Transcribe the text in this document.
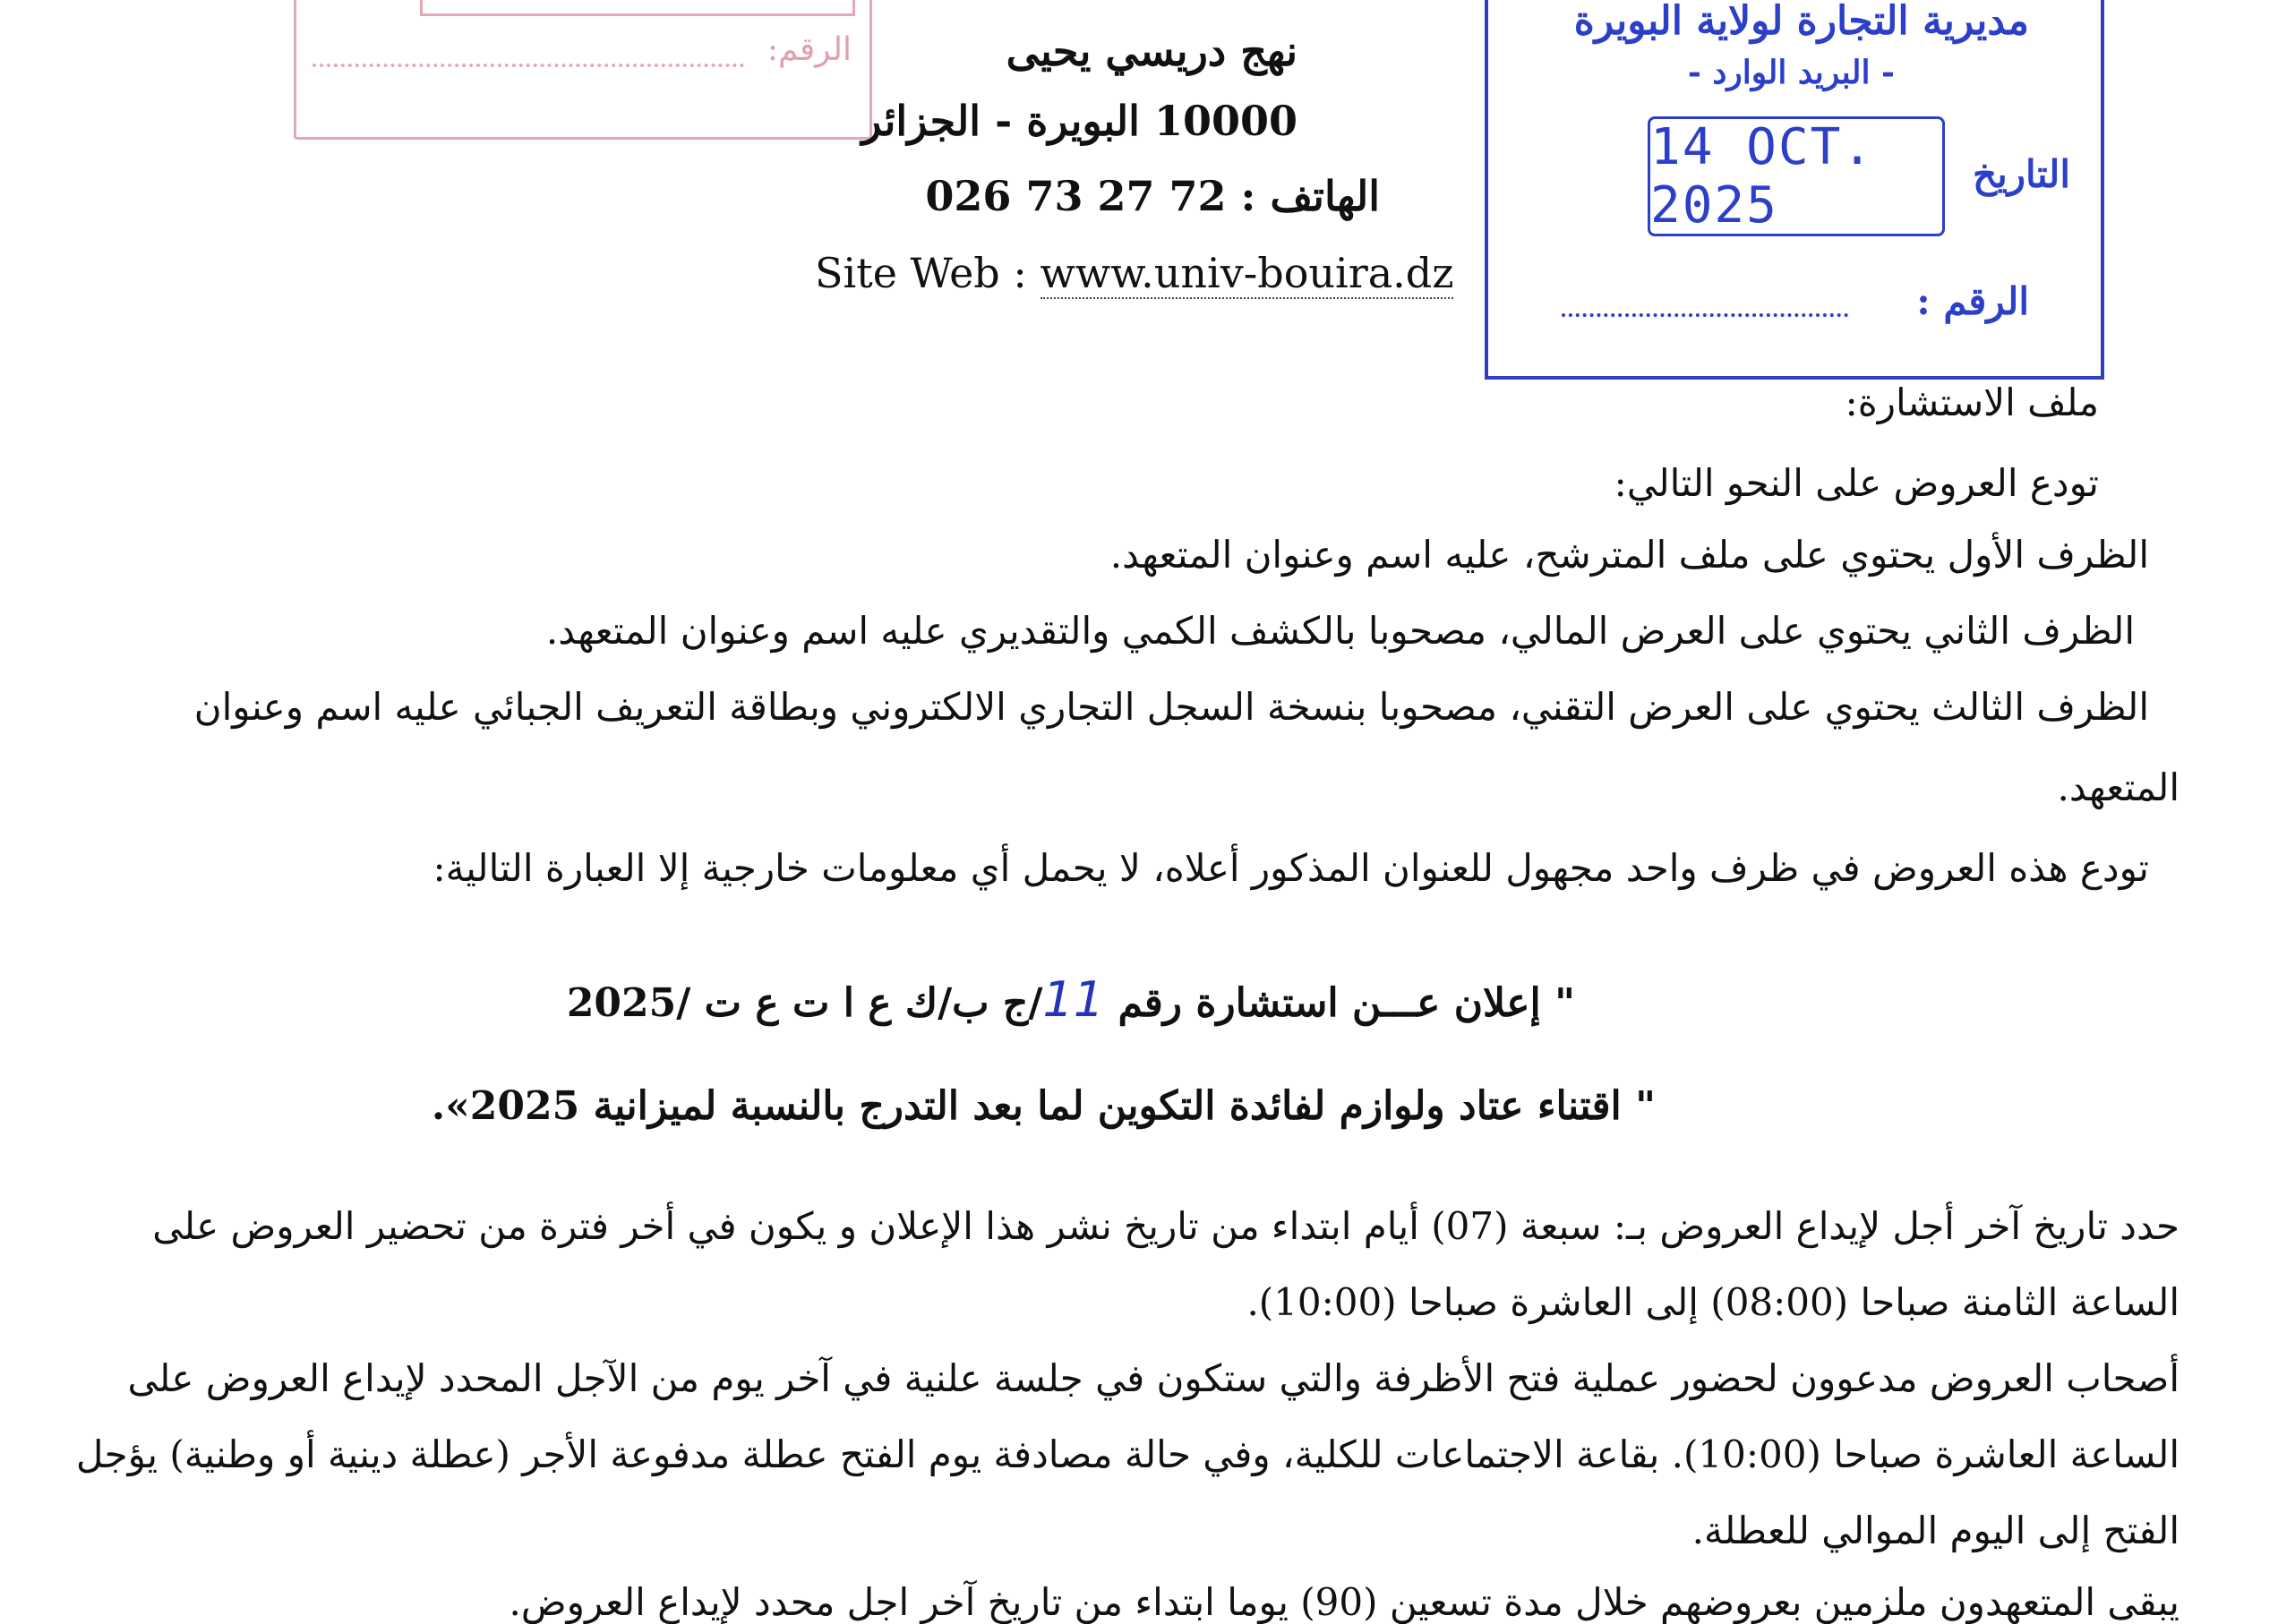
الرقم:	نهج دريسي يحيى
10000 البويرة - الجزائر
الهاتف : 72 27 73 026
Site Web : www.univ-bouira.dz
مديرية التجارة لولاية البويرة
- البريد الوارد -
14 OCT. 2025
التاريخ
الرقم :
ملف الاستشارة:
تودع العروض على النحو التالي:
الظرف الأول يحتوي على ملف المترشح، عليه اسم وعنوان المتعهد.
الظرف الثاني يحتوي على العرض المالي، مصحوبا بالكشف الكمي والتقديري عليه اسم وعنوان المتعهد.
الظرف الثالث يحتوي على العرض التقني، مصحوبا بنسخة السجل التجاري الالكتروني وبطاقة التعريف الجبائي عليه اسم وعنوان
المتعهد.
تودع هذه العروض في ظرف واحد مجهول للعنوان المذكور أعلاه، لا يحمل أي معلومات خارجية إلا العبارة التالية:
" إعلان عـــن استشارة رقم 11/ج ب/ك ع ا ت ع ت /2025
" اقتناء عتاد ولوازم لفائدة التكوين لما بعد التدرج بالنسبة لميزانية 2025».
حدد تاريخ آخر أجل لإيداع العروض بـ: سبعة (07) أيام ابتداء من تاريخ نشر هذا الإعلان و يكون في أخر فترة من تحضير العروض على
الساعة الثامنة صباحا (08:00) إلى العاشرة صباحا (10:00).
أصحاب العروض مدعوون لحضور عملية فتح الأظرفة والتي ستكون في جلسة علنية في آخر يوم من الآجل المحدد لإيداع العروض على
الساعة العاشرة صباحا (10:00). بقاعة الاجتماعات للكلية، وفي حالة مصادفة يوم الفتح عطلة مدفوعة الأجر (عطلة دينية أو وطنية) يؤجل
الفتح إلى اليوم الموالي للعطلة.
يبقى المتعهدون ملزمين بعروضهم خلال مدة تسعين (90) يوما ابتداء من تاريخ آخر اجل محدد لإيداع العروض.
